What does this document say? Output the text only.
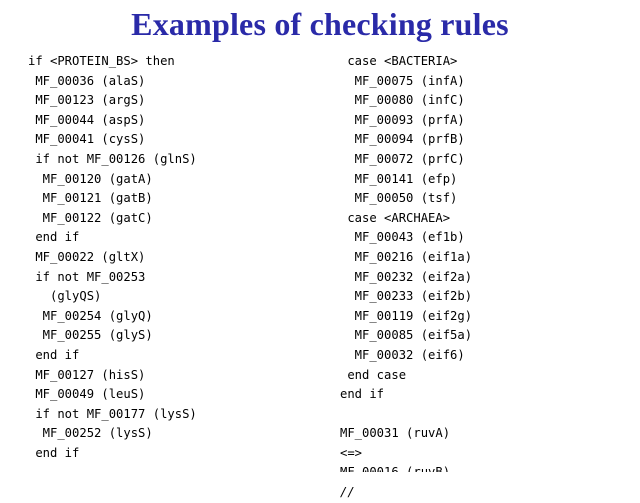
Examples of checking rules
if <PROTEIN_BS> then
MF_00036 (alaS)
MF_00123 (argS)
MF_00044 (aspS)
MF_00041 (cysS)
if not MF_00126 (glnS)
MF_00120 (gatA)
MF_00121 (gatB)
MF_00122 (gatC)
end if
MF_00022 (gltX)
if not MF_00253
(glyQS)
MF_00254 (glyQ)
MF_00255 (glyS)
end if
MF_00127 (hisS)
MF_00049 (leuS)
if not MF_00177 (lysS)
MF_00252 (lysS)
end if
case <BACTERIA>
MF_00075 (infA)
MF_00080 (infC)
MF_00093 (prfA)
MF_00094 (prfB)
MF_00072 (prfC)
MF_00141 (efp)
MF_00050 (tsf)
case <ARCHAEA>
MF_00043 (ef1b)
MF_00216 (eif1a)
MF_00232 (eif2a)
MF_00233 (eif2b)
MF_00119 (eif2g)
MF_00085 (eif5a)
MF_00032 (eif6)
end case
end if

MF_00031 (ruvA)
<=>
//
